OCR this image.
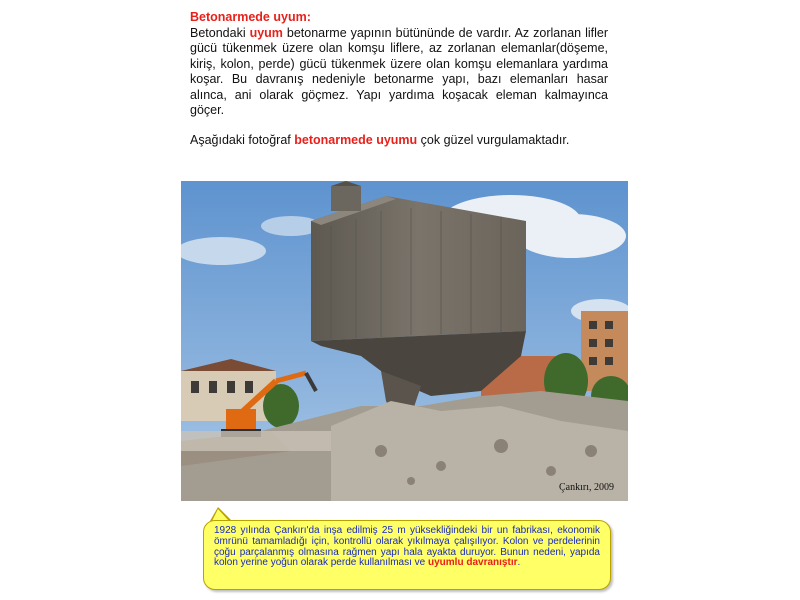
Betonarmede uyum:
Betondaki uyum betonarme yapının bütününde de vardır. Az zorlanan lifler gücü tükenmek üzere olan komşu liflere, az zorlanan elemanlar(döşeme, kiriş, kolon, perde) gücü tükenmek üzere olan komşu elemanlara yardıma koşar. Bu davranış nedeniyle betonarme yapı, bazı elemanları hasar alınca, ani olarak göçmez. Yapı yardıma koşacak eleman kalmayınca göçer.
Aşağıdaki fotoğraf betonarmede uyumu çok güzel vurgulamaktadır.
Çankırı, 2009
1928 yılında Çankırı'da inşa edilmiş 25 m yüksekliğindeki bir un fabrikası, ekonomik ömrünü tamamladığı için, kontrollü olarak yıkılmaya çalışılıyor. Kolon ve perdelerinin çoğu parçalanmış olmasına rağmen yapı hala ayakta duruyor. Bunun nedeni, yapıda kolon yerine yoğun olarak perde kullanılması ve uyumlu davranıştır.
